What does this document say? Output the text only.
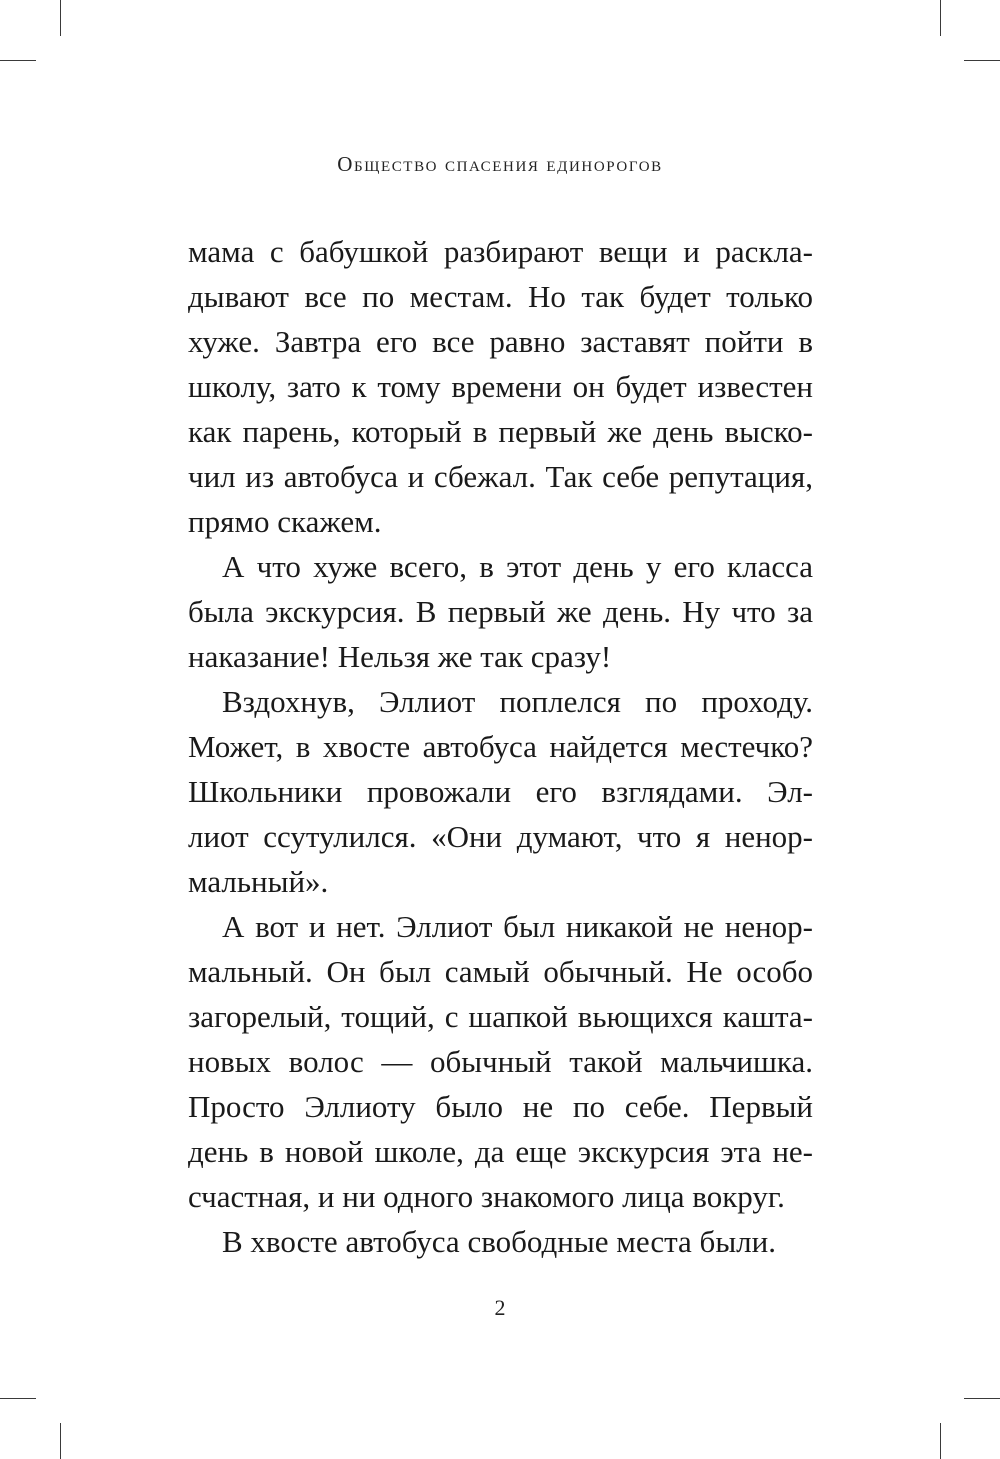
Общество спасения единорогов
мама с бабушкой разбирают вещи и раскла-
дывают все по местам. Но так будет только
хуже. Завтра его все равно заставят пойти в
школу, зато к тому времени он будет известен
как парень, который в первый же день выско-
чил из автобуса и сбежал. Так себе репутация,
прямо скажем.
А что хуже всего, в этот день у его класса
была экскурсия. В первый же день. Ну что за
наказание! Нельзя же так сразу!
Вздохнув, Эллиот поплелся по проходу.
Может, в хвосте автобуса найдется местечко?
Школьники провожали его взглядами. Эл-
лиот ссутулился. «Они думают, что я ненор-
мальный».
А вот и нет. Эллиот был никакой не ненор-
мальный. Он был самый обычный. Не особо
загорелый, тощий, с шапкой вьющихся кашта-
новых волос — обычный такой мальчишка.
Просто Эллиоту было не по себе. Первый
день в новой школе, да еще экскурсия эта не-
счастная, и ни одного знакомого лица вокруг.
В хвосте автобуса свободные места были.
2
